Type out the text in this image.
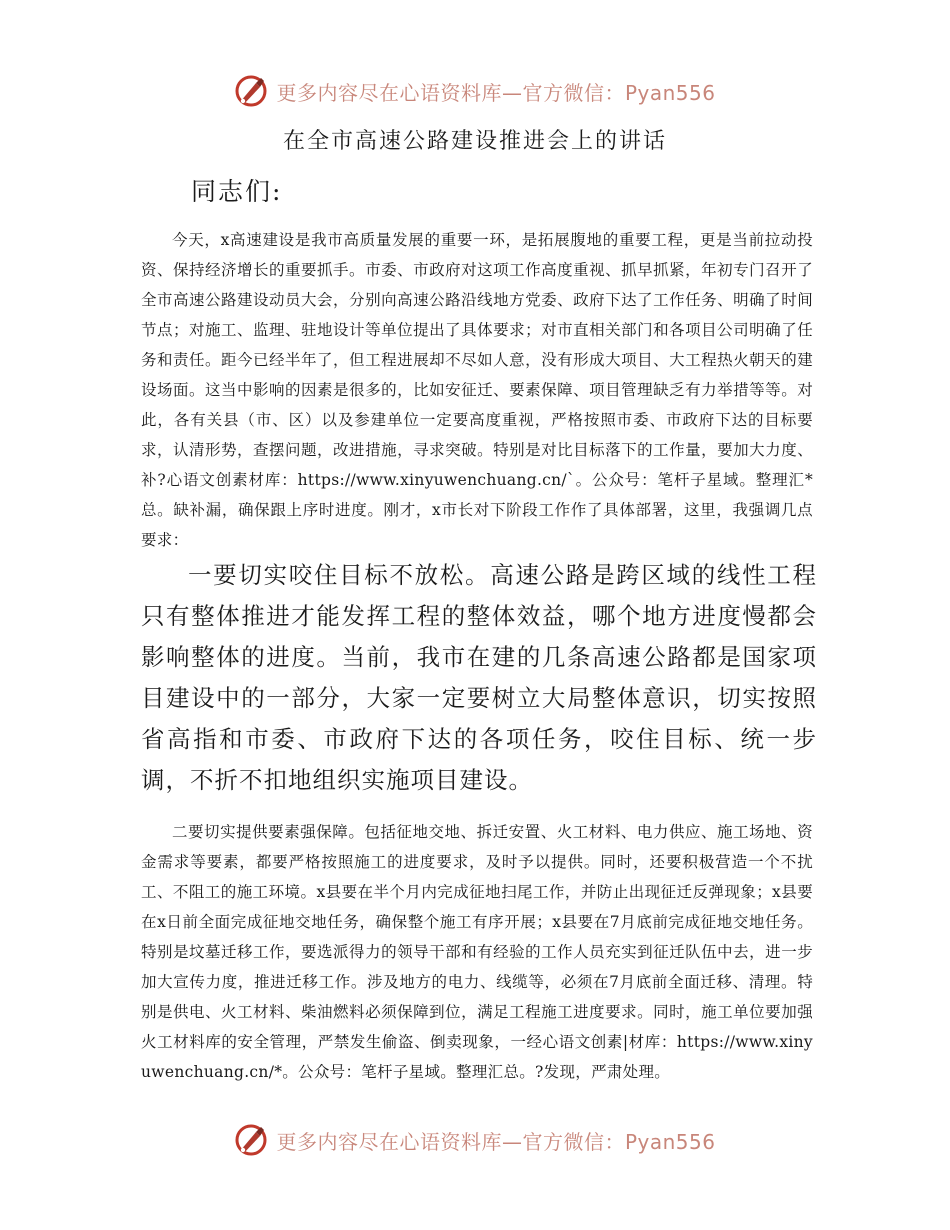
更多内容尽在心语资料库—官方微信：Pyan556
在全市高速公路建设推进会上的讲话

同志们:

今天，x高速建设是我市高质量发展的重要一环，是拓展腹地的重要工程，更是当前拉动投资、保持经济增长的重要抓手。市委、市政府对这项工作高度重视、抓早抓紧，年初专门召开了全市高速公路建设动员大会，分别向高速公路沿线地方党委、政府下达了工作任务、明确了时间节点；对施工、监理、驻地设计等单位提出了具体要求；对市直相关部门和各项目公司明确了任务和责任。距今已经半年了，但工程进展却不尽如人意，没有形成大项目、大工程热火朝天的建设场面。这当中影响的因素是很多的，比如安征迁、要素保障、项目管理缺乏有力举措等等。对此，各有关县（市、区）以及参建单位一定要高度重视，严格按照市委、市政府下达的目标要求，认清形势，查摆问题，改进措施，寻求突破。特别是对比目标落下的工作量，要加大力度、补?心语文创素材库：https://www.xinyuwenchuang.cn/`。公众号：笔杆子星域。整理汇*总。缺补漏，确保跟上序时进度。刚才，x市长对下阶段工作作了具体部署，这里，我强调几点要求：

一要切实咬住目标不放松。高速公路是跨区域的线性工程只有整体推进才能发挥工程的整体效益，哪个地方进度慢都会影响整体的进度。当前，我市在建的几条高速公路都是国家项目建设中的一部分，大家一定要树立大局整体意识，切实按照省高指和市委、市政府下达的各项任务，咬住目标、统一步调，不折不扣地组织实施项目建设。

二要切实提供要素强保障。包括征地交地、拆迁安置、火工材料、电力供应、施工场地、资金需求等要素，都要严格按照施工的进度要求，及时予以提供。同时，还要积极营造一个不扰工、不阻工的施工环境。x县要在半个月内完成征地扫尾工作，并防止出现征迁反弹现象；x县要在x日前全面完成征地交地任务，确保整个施工有序开展；x县要在7月底前完成征地交地任务。特别是坟墓迁移工作，要选派得力的领导干部和有经验的工作人员充实到征迁队伍中去，进一步加大宣传力度，推进迁移工作。涉及地方的电力、线缆等，必须在7月底前全面迁移、清理。特别是供电、火工材料、柴油燃料必须保障到位，满足工程施工进度要求。同时，施工单位要加强火工材料库的安全管理，严禁发生偷盗、倒卖现象，一经心语文创素|材库：https://www.xinyuwenchuang.cn/*。公众号：笔杆子星域。整理汇总。?发现，严肃处理。

更多内容尽在心语资料库—官方微信：Pyan556
